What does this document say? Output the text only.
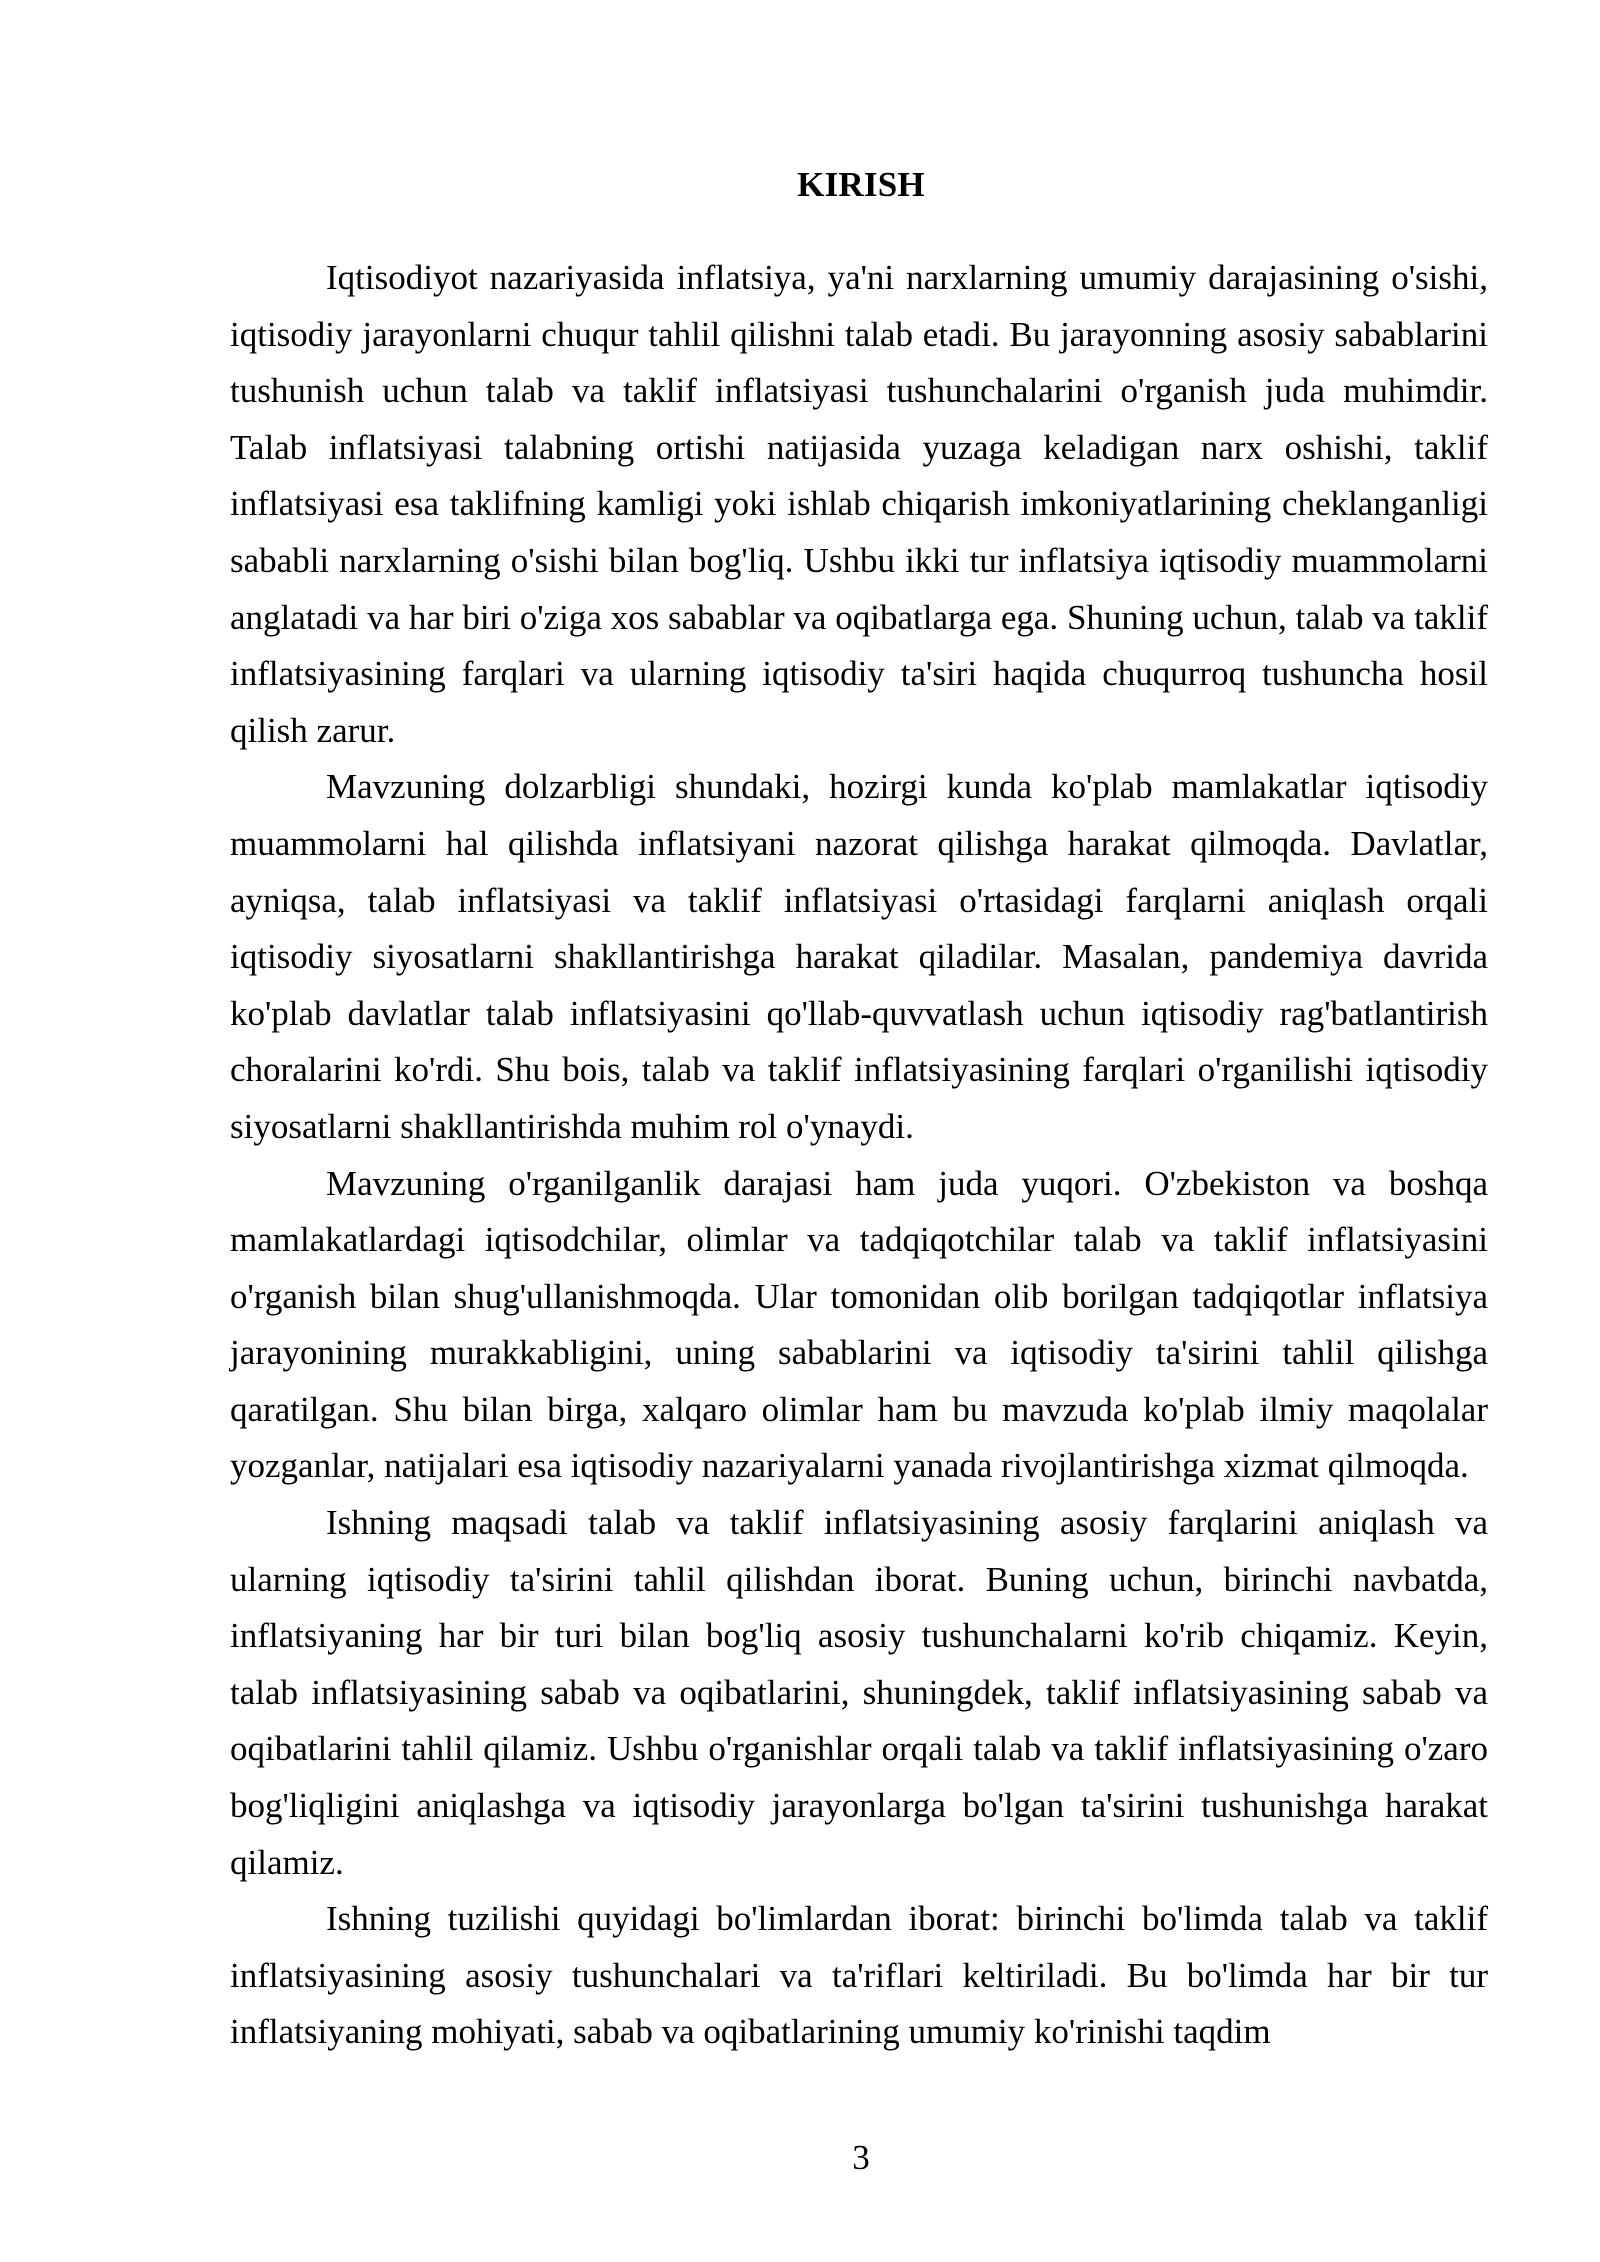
KIRISH

Iqtisodiyot nazariyasida inflatsiya, ya'ni narxlarning umumiy darajasining o'sishi, iqtisodiy jarayonlarni chuqur tahlil qilishni talab etadi. Bu jarayonning asosiy sabablarini tushunish uchun talab va taklif inflatsiyasi tushunchalarini o'rganish juda muhimdir. Talab inflatsiyasi talabning ortishi natijasida yuzaga keladigan narx oshishi, taklif inflatsiyasi esa taklifning kamligi yoki ishlab chiqarish imkoniyatlarining cheklanganligi sababli narxlarning o'sishi bilan bog'liq. Ushbu ikki tur inflatsiya iqtisodiy muammolarni anglatadi va har biri o'ziga xos sabablar va oqibatlarga ega. Shuning uchun, talab va taklif inflatsiyasining farqlari va ularning iqtisodiy ta'siri haqida chuqurroq tushuncha hosil qilish zarur.

Mavzuning dolzarbligi shundaki, hozirgi kunda ko'plab mamlakatlar iqtisodiy muammolarni hal qilishda inflatsiyani nazorat qilishga harakat qilmoqda. Davlatlar, ayniqsa, talab inflatsiyasi va taklif inflatsiyasi o'rtasidagi farqlarni aniqlash orqali iqtisodiy siyosatlarni shakllantirishga harakat qiladilar. Masalan, pandemiya davrida ko'plab davlatlar talab inflatsiyasini qo'llab-quvvatlash uchun iqtisodiy rag'batlantirish choralarini ko'rdi. Shu bois, talab va taklif inflatsiyasining farqlari o'rganilishi iqtisodiy siyosatlarni shakllantirishda muhim rol o'ynaydi.

Mavzuning o'rganilganlik darajasi ham juda yuqori. O'zbekiston va boshqa mamlakatlardagi iqtisodchilar, olimlar va tadqiqotchilar talab va taklif inflatsiyasini o'rganish bilan shug'ullanishmoqda. Ular tomonidan olib borilgan tadqiqotlar inflatsiya jarayonining murakkabligini, uning sabablarini va iqtisodiy ta'sirini tahlil qilishga qaratilgan. Shu bilan birga, xalqaro olimlar ham bu mavzuda ko'plab ilmiy maqolalar yozganlar, natijalari esa iqtisodiy nazariyalarni yanada rivojlantirishga xizmat qilmoqda.

Ishning maqsadi talab va taklif inflatsiyasining asosiy farqlarini aniqlash va ularning iqtisodiy ta'sirini tahlil qilishdan iborat. Buning uchun, birinchi navbatda, inflatsiyaning har bir turi bilan bog'liq asosiy tushunchalarni ko'rib chiqamiz. Keyin, talab inflatsiyasining sabab va oqibatlarini, shuningdek, taklif inflatsiyasining sabab va oqibatlarini tahlil qilamiz. Ushbu o'rganishlar orqali talab va taklif inflatsiyasining o'zaro bog'liqligini aniqlashga va iqtisodiy jarayonlarga bo'lgan ta'sirini tushunishga harakat qilamiz.

Ishning tuzilishi quyidagi bo'limlardan iborat: birinchi bo'limda talab va taklif inflatsiyasining asosiy tushunchalari va ta'riflari keltiriladi. Bu bo'limda har bir tur inflatsiyaning mohiyati, sabab va oqibatlarining umumiy ko'rinishi taqdim

3
